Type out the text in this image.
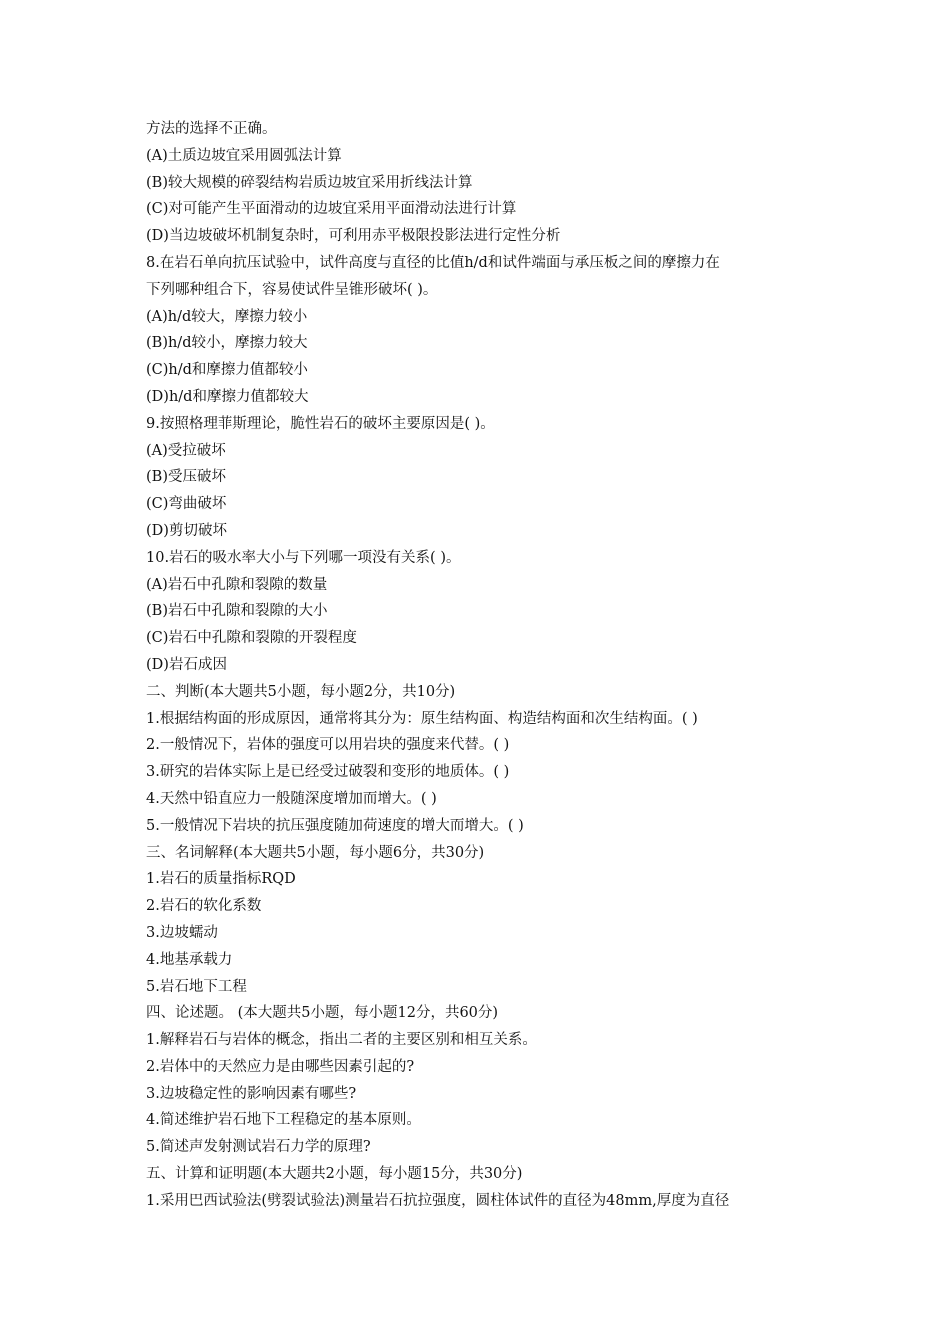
方法的选择不正确。
(A)土质边坡宜采用圆弧法计算
(B)较大规模的碎裂结构岩质边坡宜采用折线法计算
(C)对可能产生平面滑动的边坡宜采用平面滑动法进行计算
(D)当边坡破坏机制复杂时，可利用赤平极限投影法进行定性分析
8.在岩石单向抗压试验中，试件高度与直径的比值h/d和试件端面与承压板之间的摩擦力在
下列哪种组合下，容易使试件呈锥形破坏( )。
(A)h/d较大，摩擦力较小
(B)h/d较小，摩擦力较大
(C)h/d和摩擦力值都较小
(D)h/d和摩擦力值都较大
9.按照格理菲斯理论，脆性岩石的破坏主要原因是( )。
(A)受拉破坏
(B)受压破坏
(C)弯曲破坏
(D)剪切破坏
10.岩石的吸水率大小与下列哪一项没有关系( )。
(A)岩石中孔隙和裂隙的数量
(B)岩石中孔隙和裂隙的大小
(C)岩石中孔隙和裂隙的开裂程度
(D)岩石成因
二、判断(本大题共5小题，每小题2分，共10分)
1.根据结构面的形成原因，通常将其分为：原生结构面、构造结构面和次生结构面。( )
2.一般情况下，岩体的强度可以用岩块的强度来代替。( )
3.研究的岩体实际上是已经受过破裂和变形的地质体。( )
4.天然中铅直应力一般随深度增加而增大。( )
5.一般情况下岩块的抗压强度随加荷速度的增大而增大。( )
三、名词解释(本大题共5小题，每小题6分，共30分)
1.岩石的质量指标RQD
2.岩石的软化系数
3.边坡蠕动
4.地基承载力
5.岩石地下工程
四、论述题。 (本大题共5小题，每小题12分，共60分)
1.解释岩石与岩体的概念，指出二者的主要区别和相互关系。
2.岩体中的天然应力是由哪些因素引起的?
3.边坡稳定性的影响因素有哪些?
4.简述维护岩石地下工程稳定的基本原则。
5.简述声发射测试岩石力学的原理?
五、计算和证明题(本大题共2小题，每小题15分，共30分)
1.采用巴西试验法(劈裂试验法)测量岩石抗拉强度，圆柱体试件的直径为48mm,厚度为直径
